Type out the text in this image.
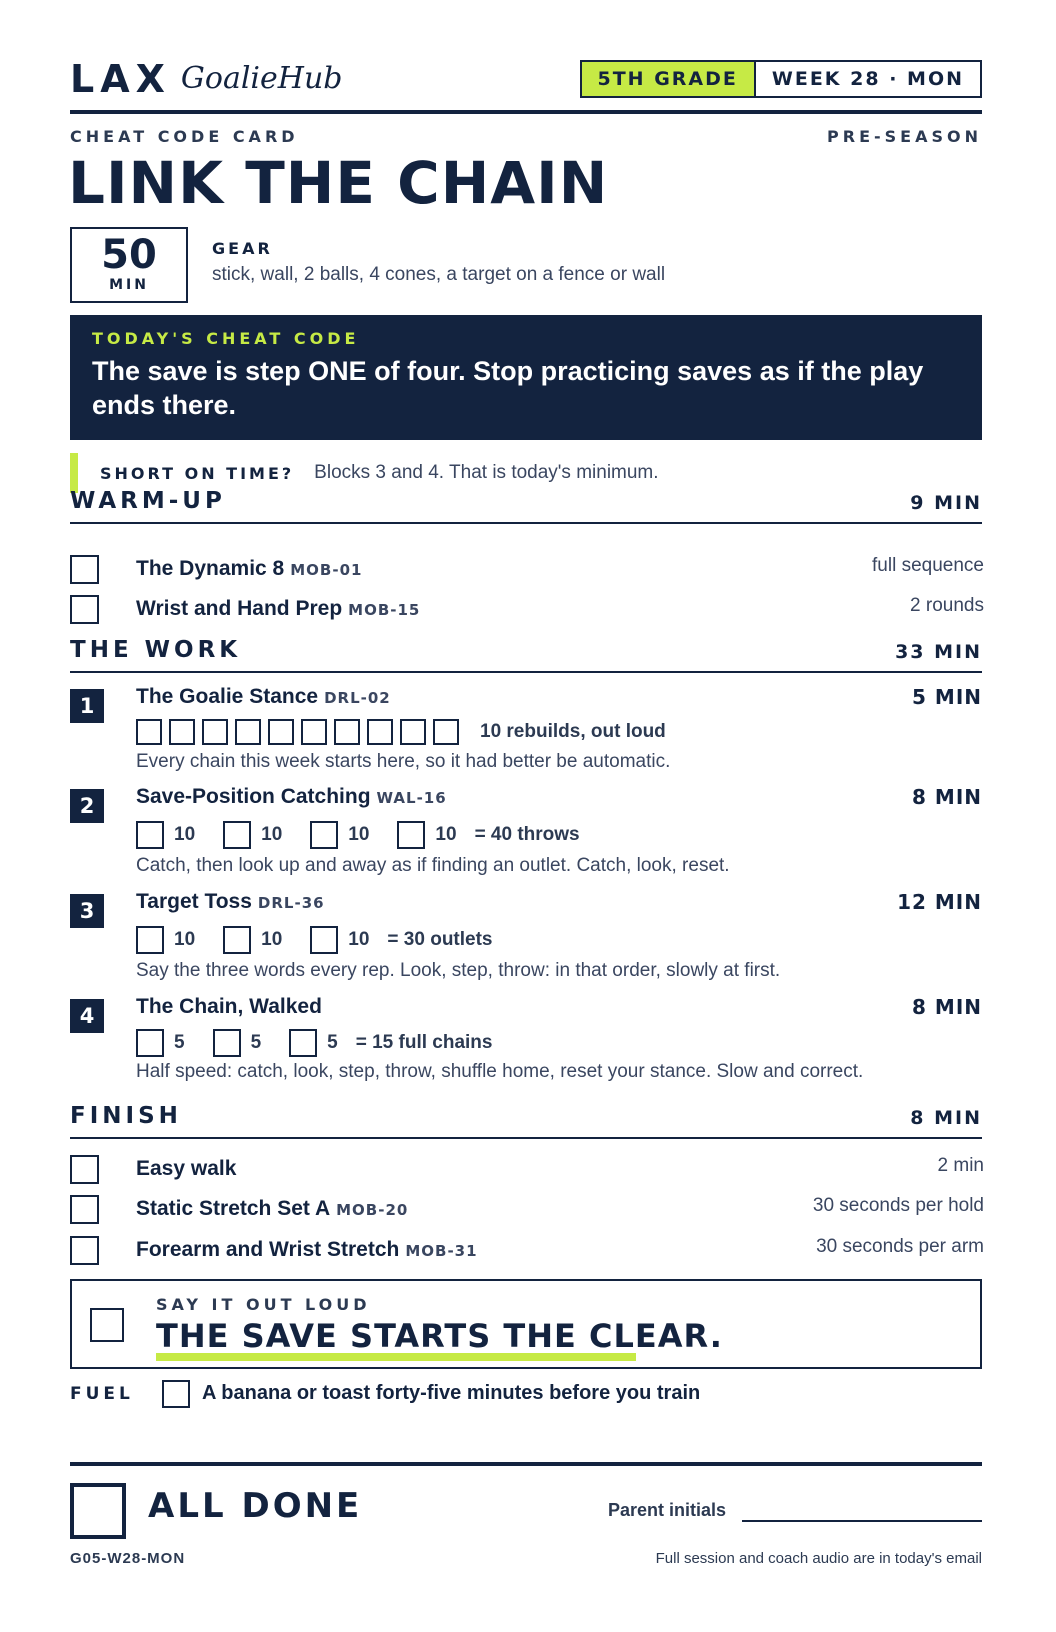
LAX GoalieHub	5TH GRADE	WEEK 28 · MON
CHEAT CODE CARD	PRE-SEASON
LINK THE CHAIN
50
MIN
GEAR
stick, wall, 2 balls, 4 cones, a target on a fence or wall
TODAY'S CHEAT CODE
The save is step ONE of four. Stop practicing saves as if the play ends there.
SHORT ON TIME? Blocks 3 and 4. That is today's minimum.
WARM-UP	9 MIN
The Dynamic 8 MOB-01	full sequence
Wrist and Hand Prep MOB-15	2 rounds
THE WORK	33 MIN
1	The Goalie Stance DRL-02	5 MIN
10 rebuilds, out loud
Every chain this week starts here, so it had better be automatic.
2	Save-Position Catching WAL-16	8 MIN
10	10	10	10 = 40 throws
Catch, then look up and away as if finding an outlet. Catch, look, reset.
3	Target Toss DRL-36	12 MIN
10	10	10 = 30 outlets
Say the three words every rep. Look, step, throw: in that order, slowly at first.
4	The Chain, Walked	8 MIN
5	5	5 = 15 full chains
Half speed: catch, look, step, throw, shuffle home, reset your stance. Slow and correct.
FINISH	8 MIN
Easy walk	2 min
Static Stretch Set A MOB-20	30 seconds per hold
Forearm and Wrist Stretch MOB-31	30 seconds per arm
SAY IT OUT LOUD
THE SAVE STARTS THE CLEAR.
FUEL	A banana or toast forty-five minutes before you train
ALL DONE	Parent initials
G05-W28-MON	Full session and coach audio are in today's email
